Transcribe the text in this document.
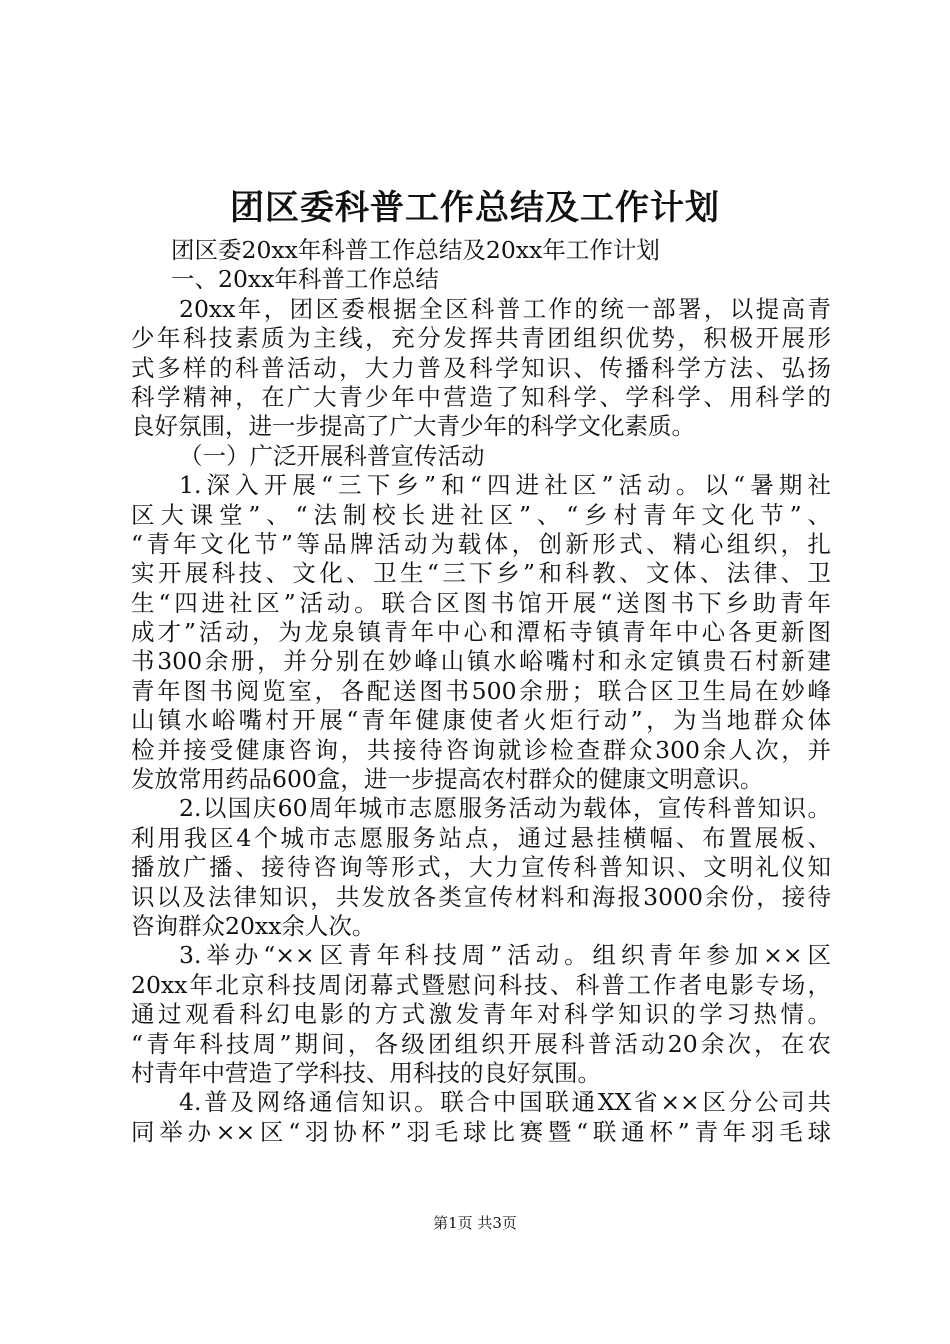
团区委科普工作总结及工作计划
团区委20xx年科普工作总结及20xx年工作计划
一、20xx年科普工作总结
20xx年，团区委根据全区科普工作的统一部署，以提高青
少年科技素质为主线，充分发挥共青团组织优势，积极开展形
式多样的科普活动，大力普及科学知识、传播科学方法、弘扬
科学精神，在广大青少年中营造了知科学、学科学、用科学的
良好氛围，进一步提高了广大青少年的科学文化素质。
（一）广泛开展科普宣传活动
1.深入开展“三下乡”和“四进社区”活动。以“暑期社
区大课堂”、“法制校长进社区”、“乡村青年文化节”、
“青年文化节”等品牌活动为载体，创新形式、精心组织，扎
实开展科技、文化、卫生“三下乡”和科教、文体、法律、卫
生“四进社区”活动。联合区图书馆开展“送图书下乡助青年
成才”活动，为龙泉镇青年中心和潭柘寺镇青年中心各更新图
书300余册，并分别在妙峰山镇水峪嘴村和永定镇贵石村新建
青年图书阅览室，各配送图书500余册；联合区卫生局在妙峰
山镇水峪嘴村开展“青年健康使者火炬行动”，为当地群众体
检并接受健康咨询，共接待咨询就诊检查群众300余人次，并
发放常用药品600盒，进一步提高农村群众的健康文明意识。
2.以国庆60周年城市志愿服务活动为载体，宣传科普知识。
利用我区4个城市志愿服务站点，通过悬挂横幅、布置展板、
播放广播、接待咨询等形式，大力宣传科普知识、文明礼仪知
识以及法律知识，共发放各类宣传材料和海报3000余份，接待
咨询群众20xx余人次。
3.举办“××区青年科技周”活动。组织青年参加××区
20xx年北京科技周闭幕式暨慰问科技、科普工作者电影专场，
通过观看科幻电影的方式激发青年对科学知识的学习热情。
“青年科技周”期间，各级团组织开展科普活动20余次，在农
村青年中营造了学科技、用科技的良好氛围。
4.普及网络通信知识。联合中国联通XX省××区分公司共
同举办××区“羽协杯”羽毛球比赛暨“联通杯”青年羽毛球
第1页 共3页
